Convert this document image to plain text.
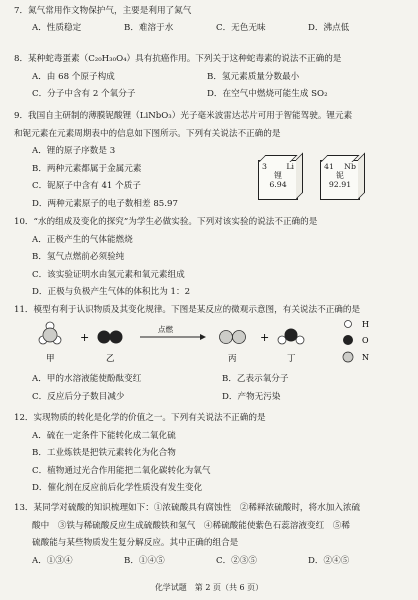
7．氮气常用作文物保护气，主要是利用了氮气
A．性质稳定	B．难溶于水	C．无色无味	D．沸点低
8．某种蛇毒蛋素（C₂₀H₃₀O₄）具有抗癌作用。下列关于这种蛇毒素的说法不正确的是
A．由 68 个原子构成	B．氢元素质量分数最小
C．分子中含有 2 个氧分子	D．在空气中燃烧可能生成 SO₂
9．我国自主研制的薄膜铌酸锂（LiNbO₃）光子毫米波雷达芯片可用于智能驾驶。锂元素
和铌元素在元素周期表中的信息如下图所示。下列有关说法不正确的是
A．锂的原子序数是 3
B．两种元素都属于金属元素
C．铌原子中含有 41 个质子
D．两种元素原子的电子数相差 85.97
3 Li
锂
6.94
41 Nb
铌
92.91
10．“水的组成及变化的探究”为学生必做实验。下列对该实验的说法不正确的是
A．正极产生的气体能燃烧
B．氢气点燃前必须验纯
C．该实验证明水由氢元素和氧元素组成
D．正极与负极产生气体的体积比为 1：2
11．模型有利于认识物质及其变化规律。下图是某反应的微观示意图，有关说法不正确的是
甲
+
乙
点燃
丙
+
丁
H
O
N
A．甲的水溶液能使酚酞变红	B．乙表示氧分子
C．反应后分子数目减少	D．产物无污染
12．实现物质的转化是化学的价值之一。下列有关说法不正确的是
A．硫在一定条件下能转化成二氧化硫
B．工业炼铁是把铁元素转化为化合物
C．植物通过光合作用能把二氧化碳转化为氧气
D．催化剂在反应前后化学性质没有发生变化
13．某同学对硫酸的知识梳理如下：①浓硫酸具有腐蚀性　②稀释浓硫酸时，将水加入浓硫
酸中　③铁与稀硫酸反应生成硫酸铁和氢气　④稀硫酸能使紫色石蕊溶液变红　⑤稀
硫酸能与某些物质发生复分解反应。其中正确的组合是
A．①③④	B．①④⑤	C．②③⑤	D．②④⑤
化学试题　第 2 页（共 6 页）
